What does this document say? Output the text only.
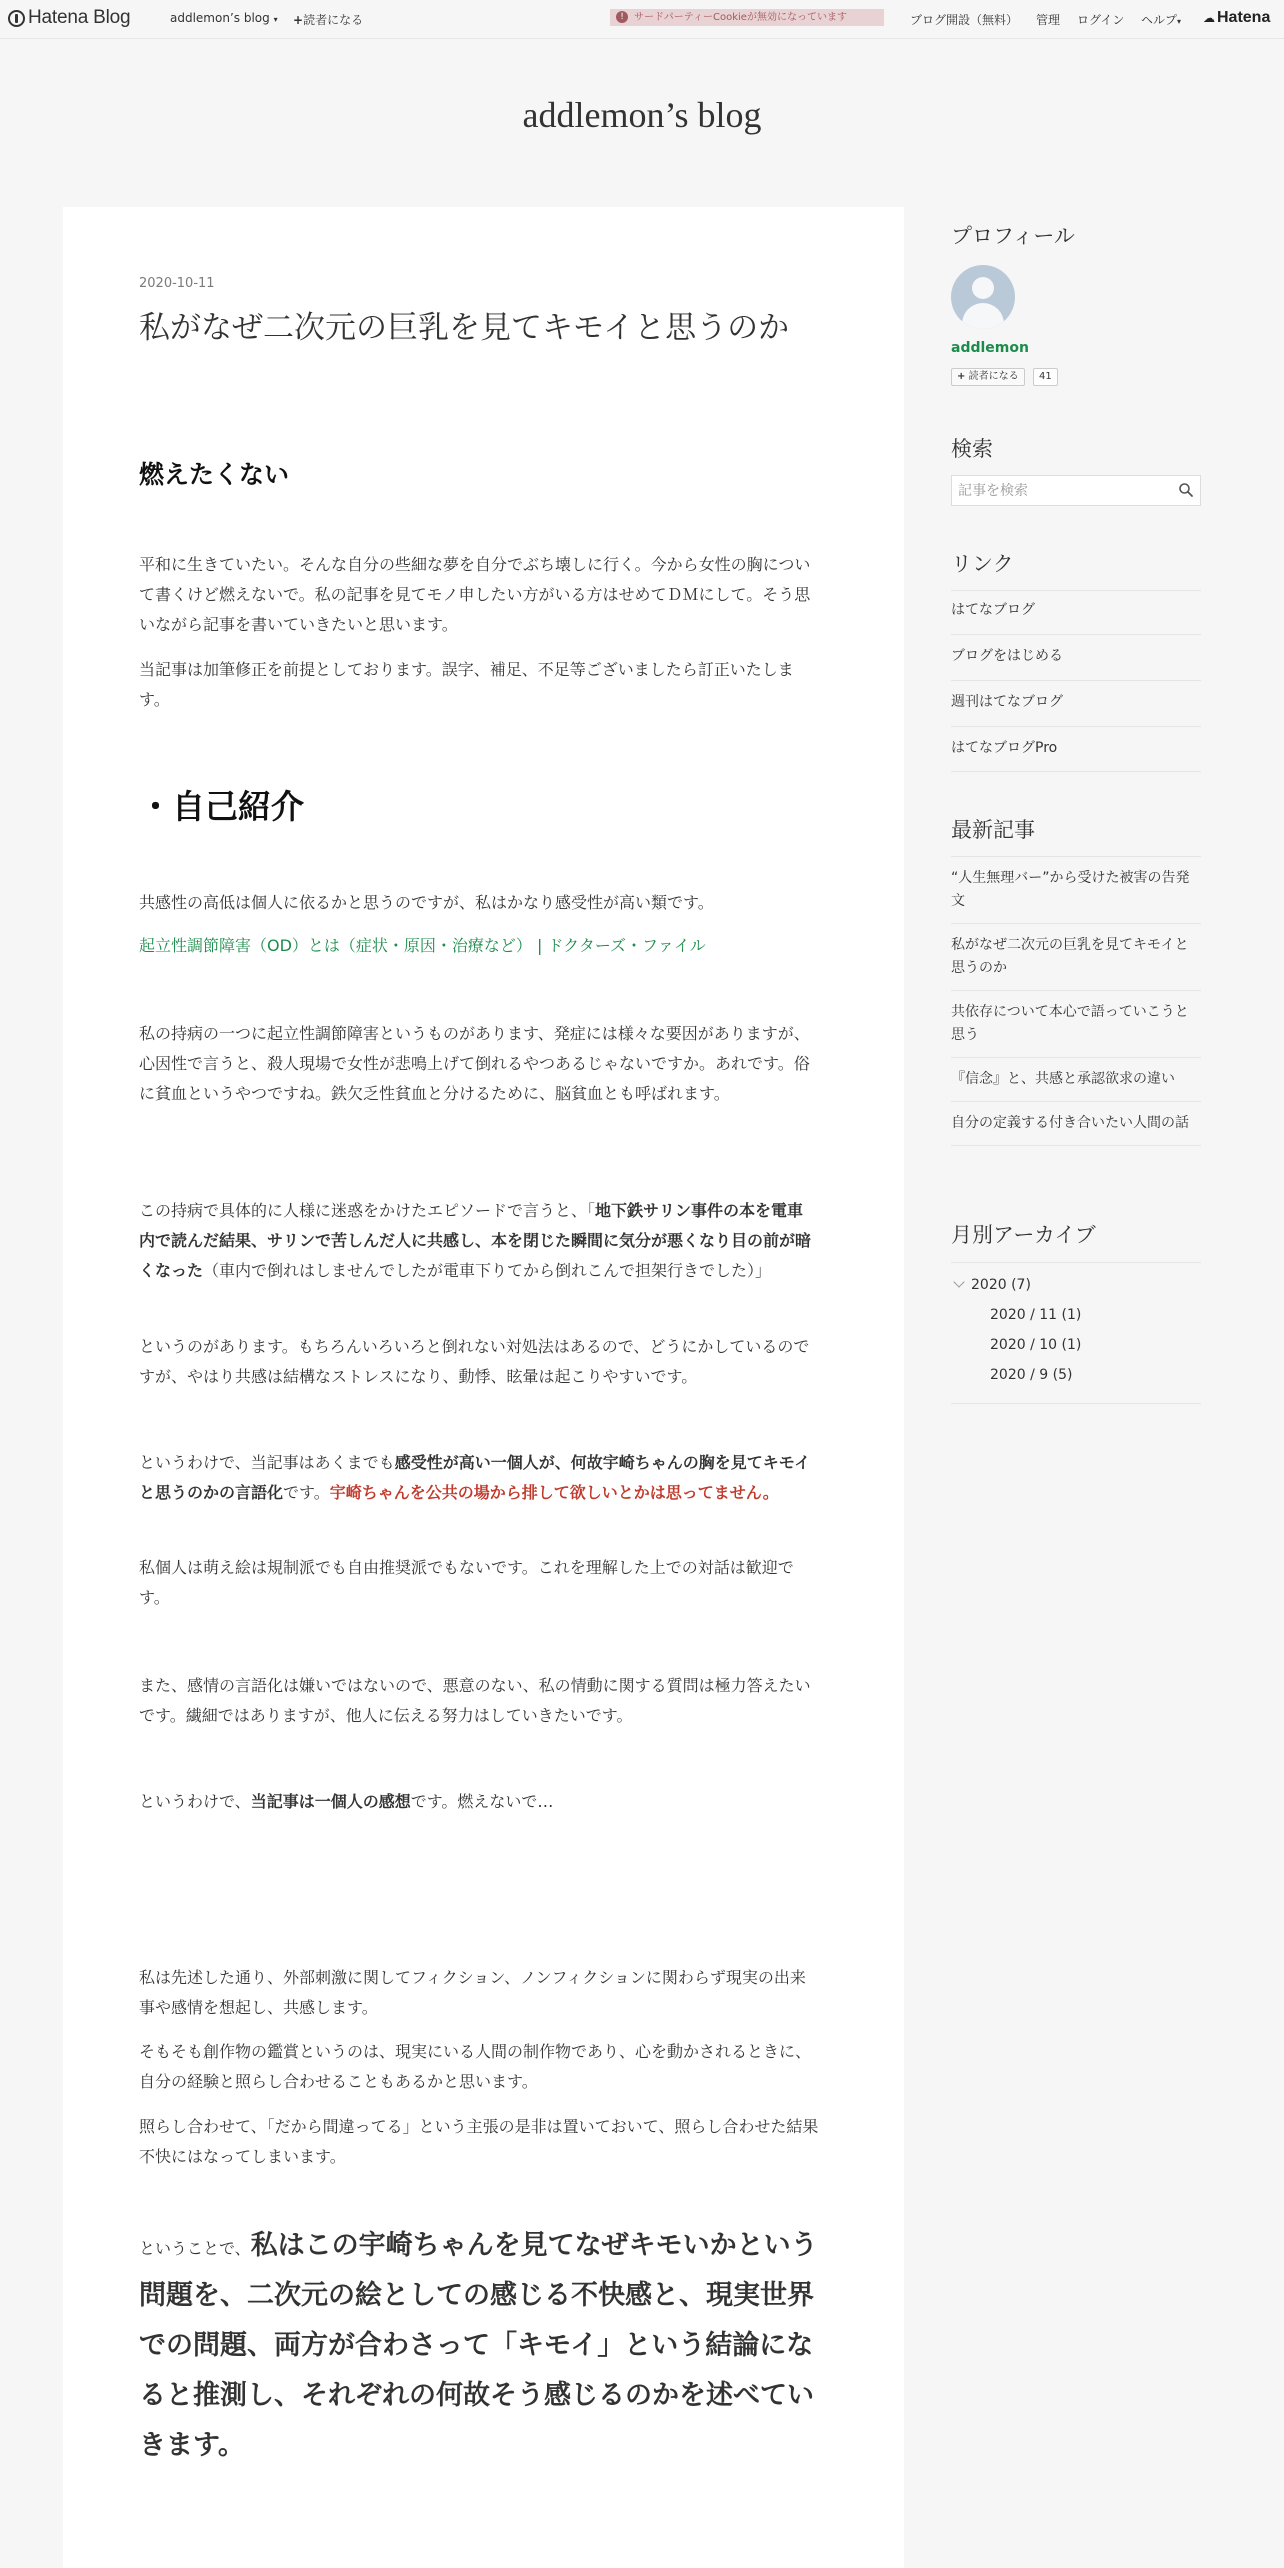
Hatena Blog	addlemon’s blog ▾ +読者になる	! サードパーティーCookieが無効になっています	ブログ開設（無料） 管理 ログイン ヘルプ▾ ☁ Hatena
addlemon’s blog
2020-10-11
私がなぜ二次元の巨乳を見てキモイと思うのか
燃えたくない

平和に生きていたい。そんな自分の些細な夢を自分でぶち壊しに行く。今から女性の胸について書くけど燃えないで。私の記事を見てモノ申したい方がいる方はせめてＤＭにして。そう思いながら記事を書いていきたいと思います。

当記事は加筆修正を前提としております。誤字、補足、不足等ございましたら訂正いたします。

・自己紹介

共感性の高低は個人に依るかと思うのですが、私はかなり感受性が高い類です。

起立性調節障害（OD）とは（症状・原因・治療など） | ドクターズ・ファイル

私の持病の一つに起立性調節障害というものがあります、発症には様々な要因がありますが、心因性で言うと、殺人現場で女性が悲鳴上げて倒れるやつあるじゃないですか。あれです。俗に貧血というやつですね。鉄欠乏性貧血と分けるために、脳貧血とも呼ばれます。

この持病で具体的に人様に迷惑をかけたエピソードで言うと、「地下鉄サリン事件の本を電車内で読んだ結果、サリンで苦しんだ人に共感し、本を閉じた瞬間に気分が悪くなり目の前が暗くなった（車内で倒れはしませんでしたが電車下りてから倒れこんで担架行きでした）」

というのがあります。もちろんいろいろと倒れない対処法はあるので、どうにかしているのですが、やはり共感は結構なストレスになり、動悸、眩暈は起こりやすいです。

というわけで、当記事はあくまでも感受性が高い一個人が、何故宇崎ちゃんの胸を見てキモイと思うのかの言語化です。宇崎ちゃんを公共の場から排して欲しいとかは思ってません。

私個人は萌え絵は規制派でも自由推奨派でもないです。これを理解した上での対話は歓迎です。

また、感情の言語化は嫌いではないので、悪意のない、私の情動に関する質問は極力答えたいです。繊細ではありますが、他人に伝える努力はしていきたいです。

というわけで、当記事は一個人の感想です。燃えないで…

私は先述した通り、外部刺激に関してフィクション、ノンフィクションに関わらず現実の出来事や感情を想起し、共感します。

そもそも創作物の鑑賞というのは、現実にいる人間の制作物であり、心を動かされるときに、自分の経験と照らし合わせることもあるかと思います。

照らし合わせて、「だから間違ってる」という主張の是非は置いておいて、照らし合わせた結果不快にはなってしまいます。

ということで、私はこの宇崎ちゃんを見てなぜキモいかという問題を、二次元の絵としての感じる不快感と、現実世界での問題、両方が合わさって「キモイ」という結論になると推測し、それぞれの何故そう感じるのかを述べていきます。

プロフィール
addlemon
+ 読者になる	41
検索
記事を検索
リンク
はてなブログ
ブログをはじめる
週刊はてなブログ
はてなブログPro
最新記事
“人生無理バー”から受けた被害の告発文
私がなぜ二次元の巨乳を見てキモイと思うのか
共依存について本心で語っていこうと思う
『信念』と、共感と承認欲求の違い
自分の定義する付き合いたい人間の話
月別アーカイブ
2020 (7)
2020 / 11 (1)
2020 / 10 (1)
2020 / 9 (5)
